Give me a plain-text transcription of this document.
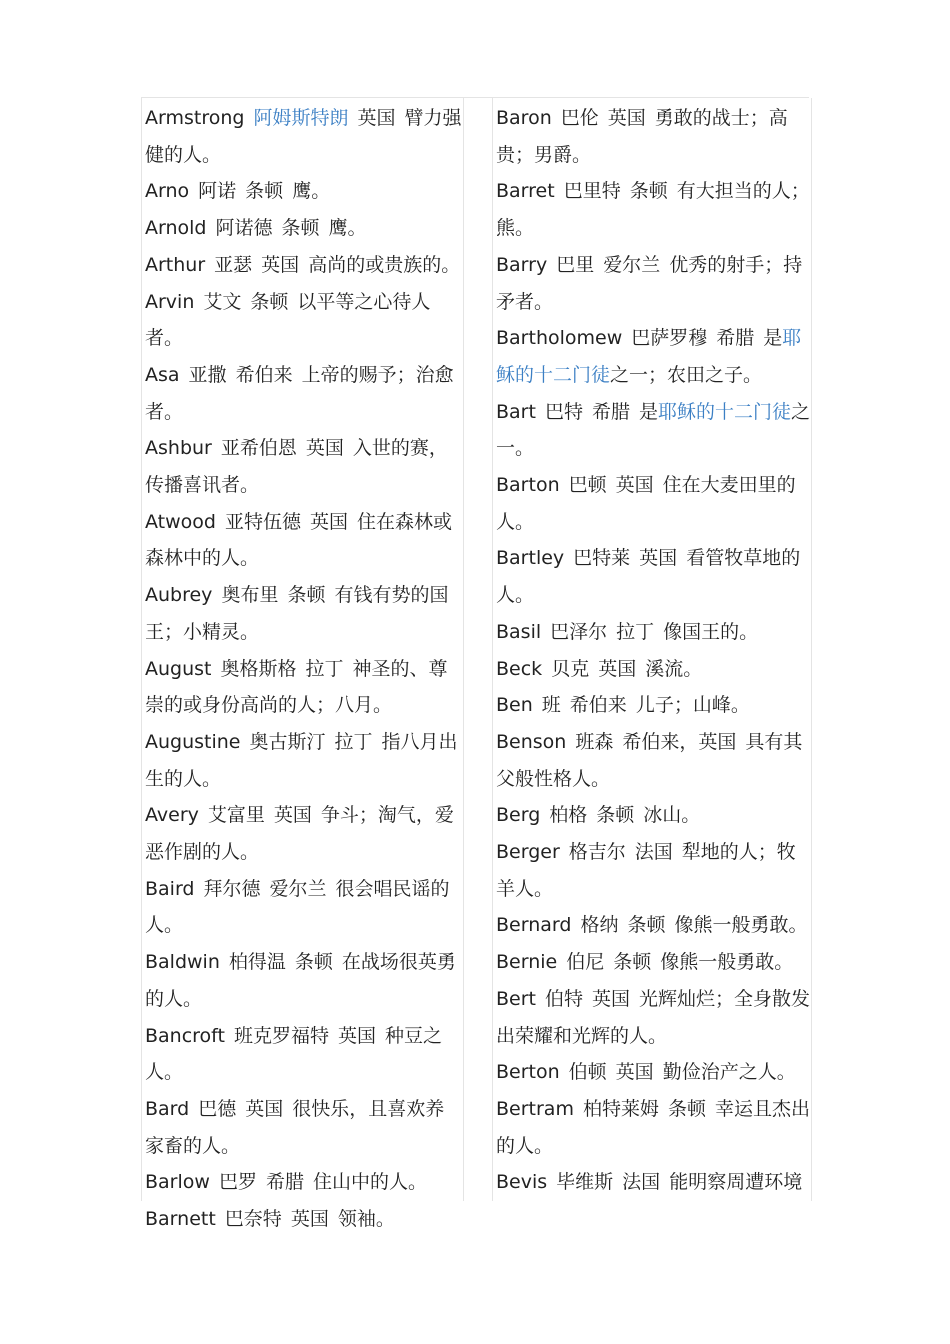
Armstrong 阿姆斯特朗 英国 臂力强健的人。

Arno 阿诺 条顿 鹰。

Arnold 阿诺德 条顿 鹰。

Arthur 亚瑟 英国 高尚的或贵族的。

Arvin 艾文 条顿 以平等之心待人者。

Asa 亚撒 希伯来 上帝的赐予；治愈者。

Ashbur 亚希伯恩 英国 入世的赛，传播喜讯者。

Atwood 亚特伍德 英国 住在森林或森林中的人。

Aubrey 奥布里 条顿 有钱有势的国王；小精灵。

August 奥格斯格 拉丁 神圣的、尊崇的或身份高尚的人；八月。

Augustine 奥古斯汀 拉丁 指八月出生的人。

Avery 艾富里 英国 争斗；淘气，爱恶作剧的人。

Baird 拜尔德 爱尔兰 很会唱民谣的人。

Baldwin 柏得温 条顿 在战场很英勇的人。

Bancroft 班克罗福特 英国 种豆之人。

Bard 巴德 英国 很快乐，且喜欢养家畜的人。

Barlow 巴罗 希腊 住山中的人。

Barnett 巴奈特 英国 领袖。

Baron 巴伦 英国 勇敢的战士；高贵；男爵。

Barret 巴里特 条顿 有大担当的人；熊。

Barry 巴里 爱尔兰 优秀的射手；持矛者。

Bartholomew 巴萨罗穆 希腊 是耶稣的十二门徒之一；农田之子。

Bart 巴特 希腊 是耶稣的十二门徒之一。

Barton 巴顿 英国 住在大麦田里的人。

Bartley 巴特莱 英国 看管牧草地的人。

Basil 巴泽尔 拉丁 像国王的。

Beck 贝克 英国 溪流。

Ben 班 希伯来 儿子；山峰。

Benson 班森 希伯来，英国 具有其父般性格人。

Berg 柏格 条顿 冰山。

Berger 格吉尔 法国 犁地的人；牧羊人。

Bernard 格纳 条顿 像熊一般勇敢。

Bernie 伯尼 条顿 像熊一般勇敢。

Bert 伯特 英国 光辉灿烂；全身散发出荣耀和光辉的人。

Berton 伯顿 英国 勤俭治产之人。

Bertram 柏特莱姆 条顿 幸运且杰出的人。

Bevis 毕维斯 法国 能明察周遭环境
